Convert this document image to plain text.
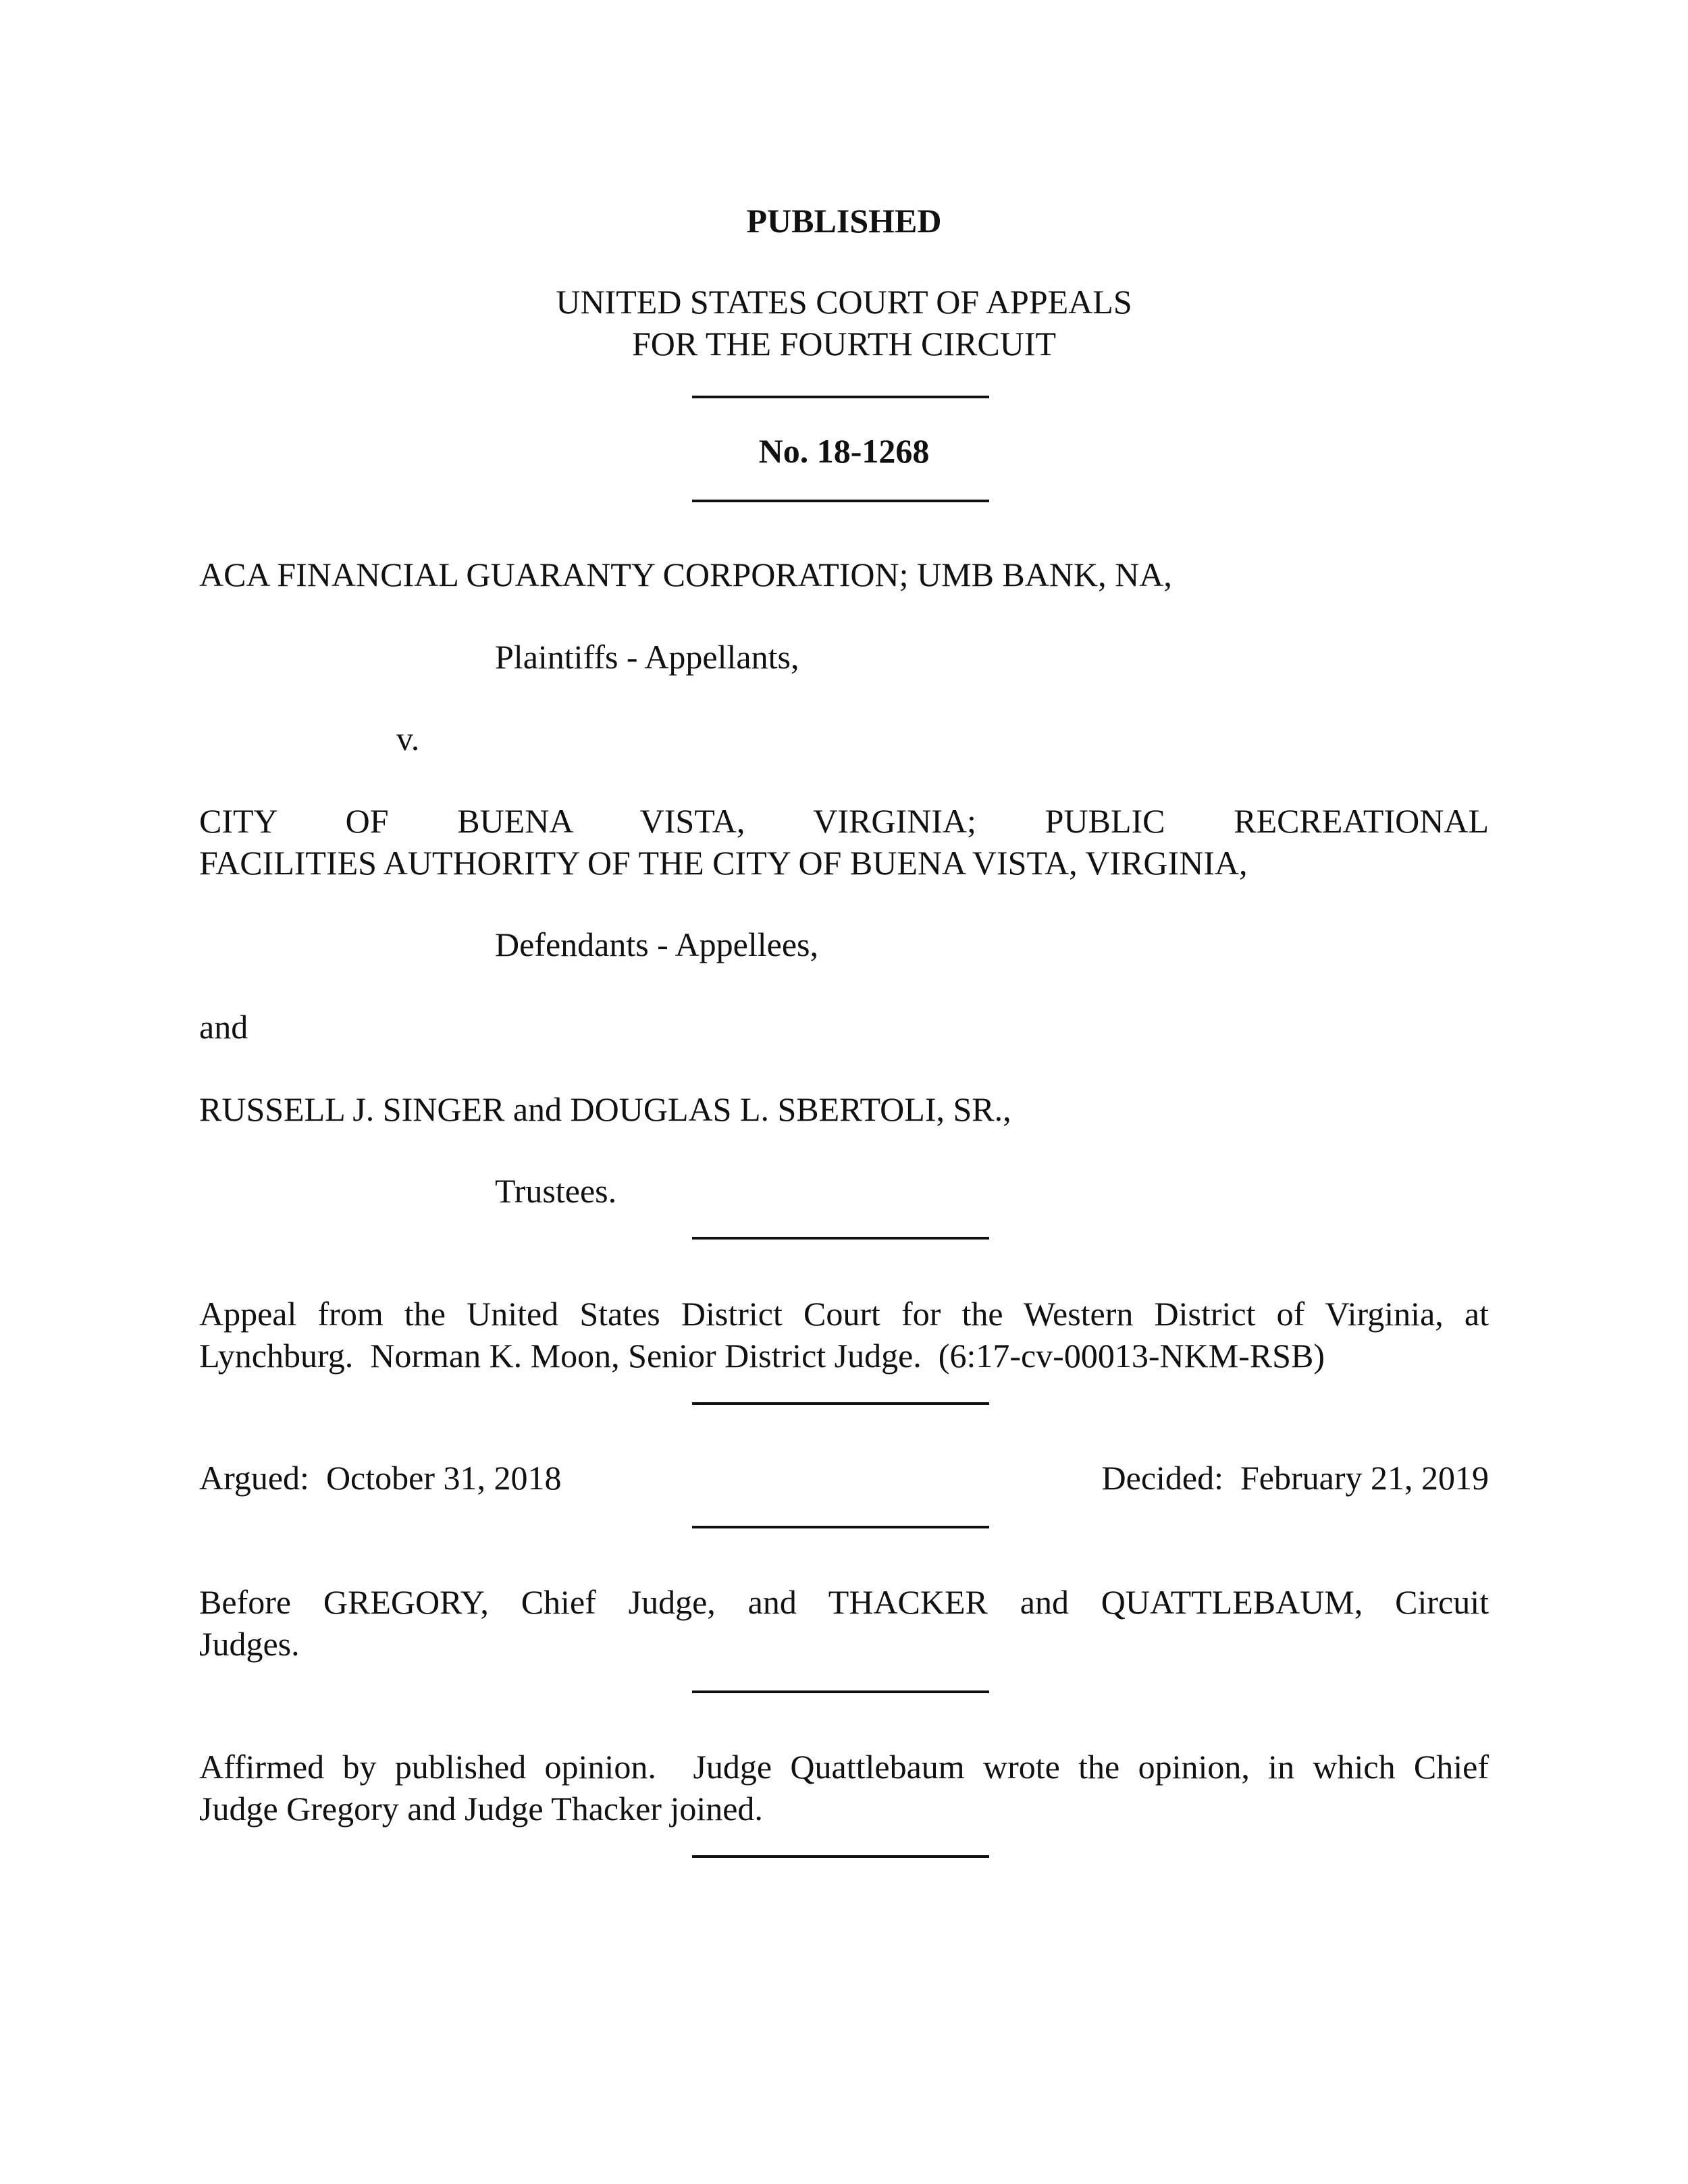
PUBLISHED
UNITED STATES COURT OF APPEALS
FOR THE FOURTH CIRCUIT
No. 18-1268
ACA FINANCIAL GUARANTY CORPORATION; UMB BANK, NA,
Plaintiffs - Appellants,
v.
CITY OF BUENA VISTA, VIRGINIA; PUBLIC RECREATIONAL
FACILITIES AUTHORITY OF THE CITY OF BUENA VISTA, VIRGINIA,
Defendants - Appellees,
and
RUSSELL J. SINGER and DOUGLAS L. SBERTOLI, SR.,
Trustees.
Appeal from the United States District Court for the Western District of Virginia, at
Lynchburg.  Norman K. Moon, Senior District Judge.  (6:17-cv-00013-NKM-RSB)
Argued:  October 31, 2018	Decided:  February 21, 2019
Before GREGORY, Chief Judge, and THACKER and QUATTLEBAUM, Circuit
Judges.
Affirmed by published opinion.  Judge Quattlebaum wrote the opinion, in which Chief
Judge Gregory and Judge Thacker joined.
